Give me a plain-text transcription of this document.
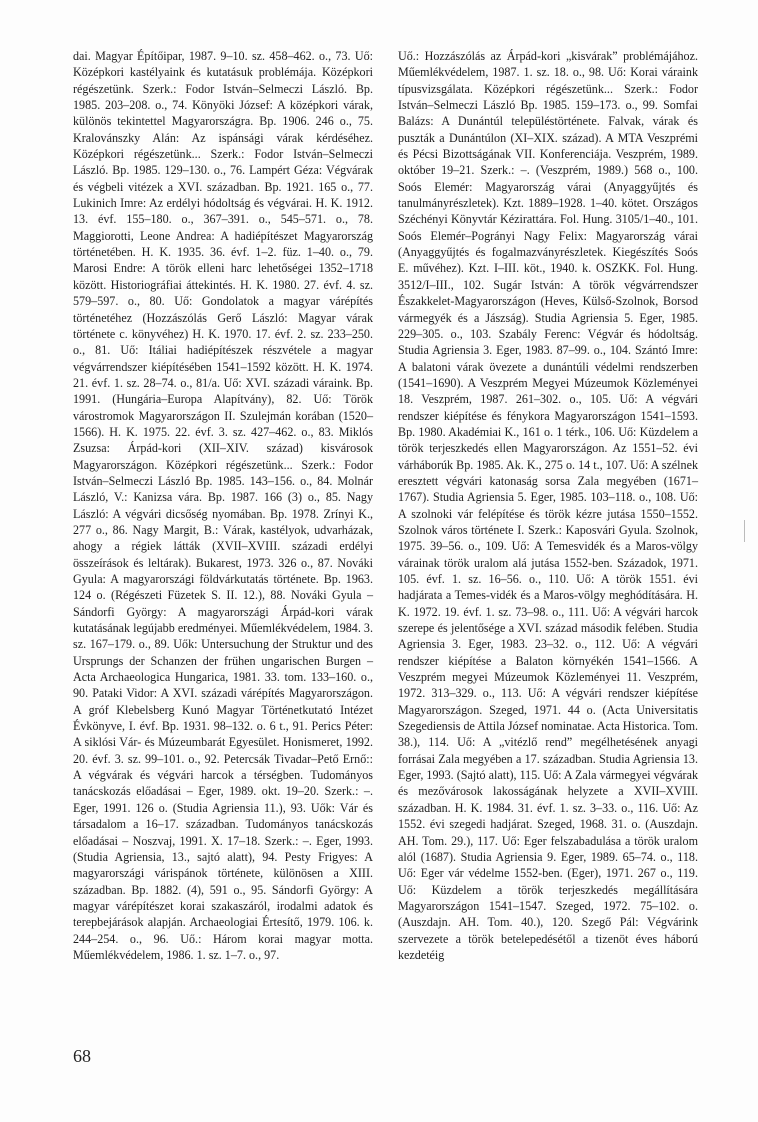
dai. Magyar Építőipar, 1987. 9–10. sz. 458–462. o., 73. Uő: Középkori kastélyaink és kutatásuk problémája. Középkori régészetünk. Szerk.: Fodor István–Selmeczi László. Bp. 1985. 203–208. o., 74. Könyöki József: A középkori várak, különös tekintettel Magyarországra. Bp. 1906. 246 o., 75. Kralovánszky Alán: Az ispánsági várak kérdéséhez. Középkori régészetünk... Szerk.: Fodor István–Selmeczi László. Bp. 1985. 129–130. o., 76. Lampért Géza: Végvárak és végbeli vitézek a XVI. században. Bp. 1921. 165 o., 77. Lukinich Imre: Az erdélyi hódoltság és végvárai. H. K. 1912. 13. évf. 155–180. o., 367–391. o., 545–571. o., 78. Maggiorotti, Leone Andrea: A hadiépítészet Magyarország történetében. H. K. 1935. 36. évf. 1–2. füz. 1–40. o., 79. Marosi Endre: A török elleni harc lehetőségei 1352–1718 között. Historiográfiai áttekintés. H. K. 1980. 27. évf. 4. sz. 579–597. o., 80. Uő: Gondolatok a magyar várépítés történetéhez (Hozzászólás Gerő László: Magyar várak története c. könyvéhez) H. K. 1970. 17. évf. 2. sz. 233–250. o., 81. Uő: Itáliai hadiépítészek részvétele a magyar végvárrendszer kiépítésében 1541–1592 között. H. K. 1974. 21. évf. 1. sz. 28–74. o., 81/a. Uő: XVI. századi váraink. Bp. 1991. (Hungária–Europa Alapítvány), 82. Uő: Török várostromok Magyarországon II. Szulejmán korában (1520–1566). H. K. 1975. 22. évf. 3. sz. 427–462. o., 83. Miklós Zsuzsa: Árpád-kori (XII–XIV. század) kisvárosok Magyarországon. Középkori régészetünk... Szerk.: Fodor István–Selmeczi László Bp. 1985. 143–156. o., 84. Molnár László, V.: Kanizsa vára. Bp. 1987. 166 (3) o., 85. Nagy László: A végvári dicsőség nyomában. Bp. 1978. Zrínyi K., 277 o., 86. Nagy Margit, B.: Várak, kastélyok, udvarházak, ahogy a régiek látták (XVII–XVIII. századi erdélyi összeírások és leltárak). Bukarest, 1973. 326 o., 87. Nováki Gyula: A magyarországi földvárkutatás története. Bp. 1963. 124 o. (Régészeti Füzetek S. II. 12.), 88. Nováki Gyula – Sándorfi György: A magyarországi Árpád-kori várak kutatásának legújabb eredményei. Műemlékvédelem, 1984. 3. sz. 167–179. o., 89. Uők: Untersuchung der Struktur und des Ursprungs der Schanzen der frühen ungarischen Burgen – Acta Archaeologica Hungarica, 1981. 33. tom. 133–160. o., 90. Pataki Vidor: A XVI. századi várépítés Magyarországon. A gróf Klebelsberg Kunó Magyar Történetkutató Intézet Évkönyve, I. évf. Bp. 1931. 98–132. o. 6 t., 91. Perics Péter: A siklósi Vár- és Múzeumbarát Egyesület. Honismeret, 1992. 20. évf. 3. sz. 99–101. o., 92. Petercsák Tivadar–Pető Ernő:: A végvárak és végvári harcok a térségben. Tudományos tanácskozás előadásai – Eger, 1989. okt. 19–20. Szerk.: –. Eger, 1991. 126 o. (Studia Agriensia 11.), 93. Uők: Vár és társadalom a 16–17. században. Tudományos tanácskozás előadásai – Noszvaj, 1991. X. 17–18. Szerk.: –. Eger, 1993. (Studia Agriensia, 13., sajtó alatt), 94. Pesty Frigyes: A magyarországi várispánok története, különösen a XIII. században. Bp. 1882. (4), 591 o., 95. Sándorfi György: A magyar várépítészet korai szakaszáról, irodalmi adatok és terepbejárások alapján. Archaeologiai Értesítő, 1979. 106. k. 244–254. o., 96. Uő.: Három korai magyar motta. Műemlékvédelem, 1986. 1. sz. 1–7. o., 97.

Uő.: Hozzászólás az Árpád-kori „kisvárak” problémájához. Műemlékvédelem, 1987. 1. sz. 18. o., 98. Uő: Korai váraink típusvizsgálata. Középkori régészetünk... Szerk.: Fodor István–Selmeczi László Bp. 1985. 159–173. o., 99. Somfai Balázs: A Dunántúl településtörténete. Falvak, várak és puszták a Dunántúlon (XI–XIX. század). A MTA Veszprémi és Pécsi Bizottságának VII. Konferenciája. Veszprém, 1989. október 19–21. Szerk.: –. (Veszprém, 1989.) 568 o., 100. Soós Elemér: Magyarország várai (Anyaggyűjtés és tanulmányrészletek). Kzt. 1889–1928. 1–40. kötet. Országos Széchényi Könyvtár Kézirattára. Fol. Hung. 3105/1–40., 101. Soós Elemér–Pogrányi Nagy Felix: Magyarország várai (Anyaggyűjtés és fogalmazványrészletek. Kiegészítés Soós E. művéhez). Kzt. I–III. köt., 1940. k. OSZKK. Fol. Hung. 3512/I–III., 102. Sugár István: A török végvárrendszer Északkelet-Magyarországon (Heves, Külső-Szolnok, Borsod vármegyék és a Jászság). Studia Agriensia 5. Eger, 1985. 229–305. o., 103. Szabály Ferenc: Végvár és hódoltság. Studia Agriensia 3. Eger, 1983. 87–99. o., 104. Szántó Imre: A balatoni várak övezete a dunántúli védelmi rendszerben (1541–1690). A Veszprém Megyei Múzeumok Közleményei 18. Veszprém, 1987. 261–302. o., 105. Uő: A végvári rendszer kiépítése és fénykora Magyarországon 1541–1593. Bp. 1980. Akadémiai K., 161 o. 1 térk., 106. Uő: Küzdelem a török terjeszkedés ellen Magyarországon. Az 1551–52. évi várháborúk Bp. 1985. Ak. K., 275 o. 14 t., 107. Uő: A szélnek eresztett végvári katonaság sorsa Zala megyében (1671–1767). Studia Agriensia 5. Eger, 1985. 103–118. o., 108. Uő: A szolnoki vár felépítése és török kézre jutása 1550–1552. Szolnok város története I. Szerk.: Kaposvári Gyula. Szolnok, 1975. 39–56. o., 109. Uő: A Temesvidék és a Maros-völgy várainak török uralom alá jutása 1552-ben. Századok, 1971. 105. évf. 1. sz. 16–56. o., 110. Uő: A török 1551. évi hadjárata a Temes-vidék és a Maros-völgy meghódítására. H. K. 1972. 19. évf. 1. sz. 73–98. o., 111. Uő: A végvári harcok szerepe és jelentősége a XVI. század második felében. Studia Agriensia 3. Eger, 1983. 23–32. o., 112. Uő: A végvári rendszer kiépítése a Balaton környékén 1541–1566. A Veszprém megyei Múzeumok Közleményei 11. Veszprém, 1972. 313–329. o., 113. Uő: A végvári rendszer kiépítése Magyarországon. Szeged, 1971. 44 o. (Acta Universitatis Szegediensis de Attila József nominatae. Acta Historica. Tom. 38.), 114. Uő: A „vitézlő rend” megélhetésének anyagi forrásai Zala megyében a 17. században. Studia Agriensia 13. Eger, 1993. (Sajtó alatt), 115. Uő: A Zala vármegyei végvárak és mezővárosok lakosságának helyzete a XVII–XVIII. században. H. K. 1984. 31. évf. 1. sz. 3–33. o., 116. Uő: Az 1552. évi szegedi hadjárat. Szeged, 1968. 31. o. (Auszdajn. AH. Tom. 29.), 117. Uő: Eger felszabadulása a török uralom alól (1687). Studia Agriensia 9. Eger, 1989. 65–74. o., 118. Uő: Eger vár védelme 1552-ben. (Eger), 1971. 267 o., 119. Uő: Küzdelem a török terjeszkedés megállítására Magyarországon 1541–1547. Szeged, 1972. 75–102. o. (Auszdajn. AH. Tom. 40.), 120. Szegő Pál: Végvárink szervezete a török betelepedésétől a tizenöt éves háború kezdetéig

68
